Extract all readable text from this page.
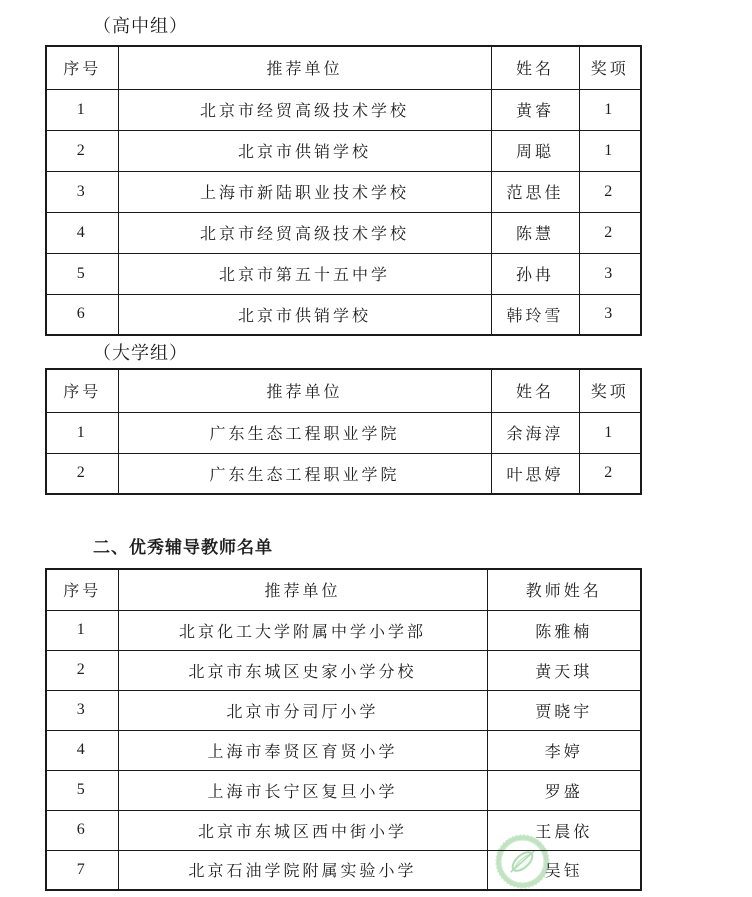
（高中组）
序号	推荐单位	姓名	奖项
1	北京市经贸高级技术学校	黄睿	1
2	北京市供销学校	周聪	1
3	上海市新陆职业技术学校	范思佳	2
4	北京市经贸高级技术学校	陈慧	2
5	北京市第五十五中学	孙冉	3
6	北京市供销学校	韩玲雪	3
（大学组）
序号	推荐单位	姓名	奖项
1	广东生态工程职业学院	余海淳	1
2	广东生态工程职业学院	叶思婷	2
二、优秀辅导教师名单
序号	推荐单位	教师姓名
1	北京化工大学附属中学小学部	陈雅楠
2	北京市东城区史家小学分校	黄天琪
3	北京市分司厅小学	贾晓宇
4	上海市奉贤区育贤小学	李婷
5	上海市长宁区复旦小学	罗盛
6	北京市东城区西中街小学	王晨依
7	北京石油学院附属实验小学	吴钰
